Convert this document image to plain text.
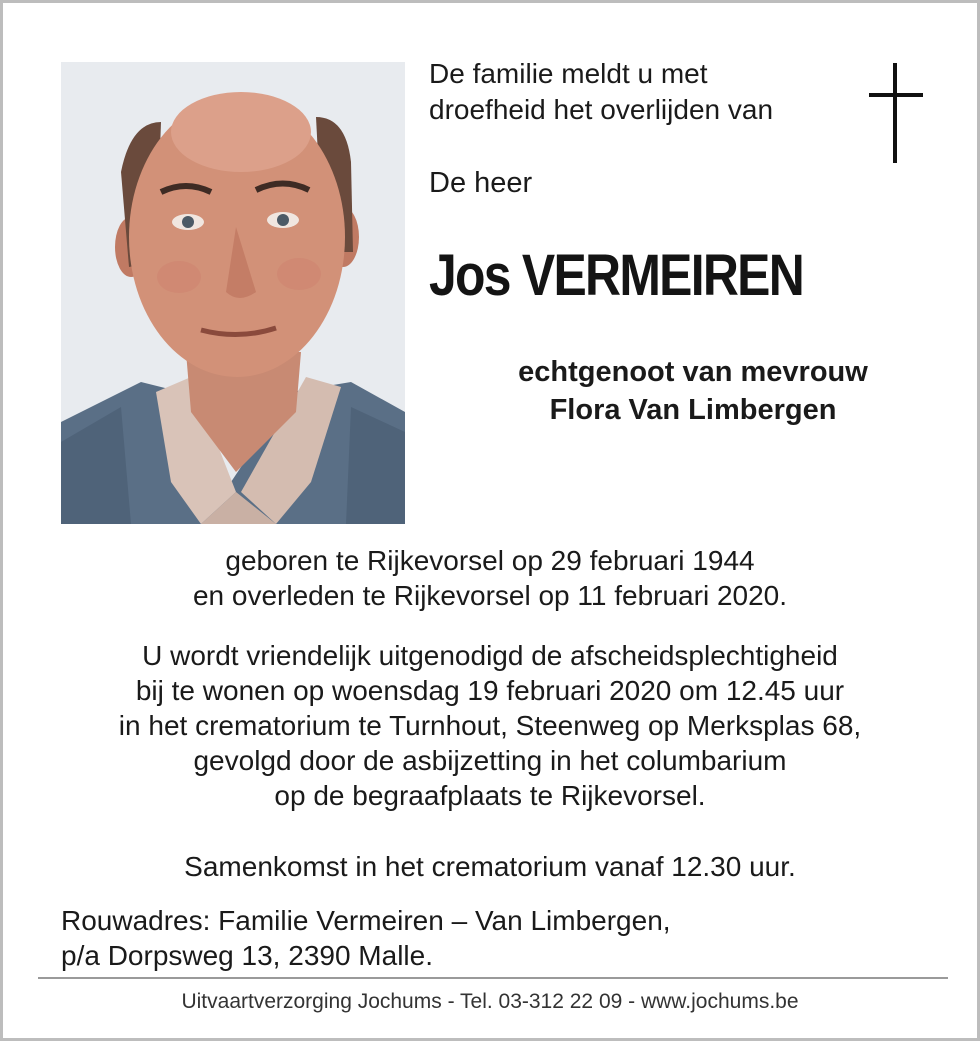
De familie meldt u met
droefheid het overlijden van
De heer
Jos VERMEIREN
echtgenoot van mevrouw
Flora Van Limbergen
geboren te Rijkevorsel op 29 februari 1944
en overleden te Rijkevorsel op 11 februari 2020.
U wordt vriendelijk uitgenodigd de afscheidsplechtigheid
bij te wonen op woensdag 19 februari 2020 om 12.45 uur
in het crematorium te Turnhout, Steenweg op Merksplas 68,
gevolgd door de asbijzetting in het columbarium
op de begraafplaats te Rijkevorsel.
Samenkomst in het crematorium vanaf 12.30 uur.
Rouwadres: Familie Vermeiren – Van Limbergen,
p/a Dorpsweg 13, 2390 Malle.
Uitvaartverzorging Jochums - Tel. 03-312 22 09 - www.jochums.be
